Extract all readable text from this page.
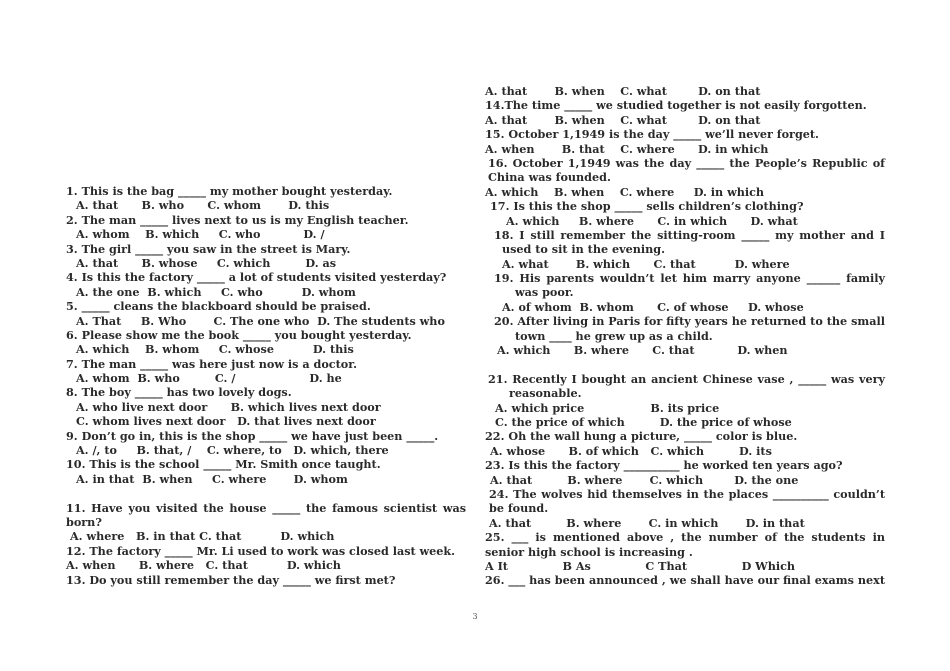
1. This is the bag _____ my mother bought yesterday.
A. that      B. who      C. whom       D. this
2. The man _____ lives next to us is my English teacher.
A. whom    B. which     C. who           D. /
3. The girl _____ you saw in the street is Mary.
A. that      B. whose     C. which         D. as
4. Is this the factory _____ a lot of students visited yesterday?
A. the one  B. which     C. who          D. whom
5. _____ cleans the blackboard should be praised.
A. That     B. Who       C. The one who  D. The students who
6. Please show me the book _____ you bought yesterday.
A. which    B. whom     C. whose          D. this
7. The man _____ was here just now is a doctor.
A. whom  B. who         C. /                   D. he
8. The boy _____ has two lovely dogs.
A. who live next door      B. which lives next door
C. whom lives next door   D. that lives next door
9. Don’t go in, this is the shop _____ we have just been _____.
A. /, to     B. that, /    C. where, to   D. which, there
10. This is the school _____ Mr. Smith once taught.
A. in that  B. when     C. where       D. whom
11. Have you visited the house _____ the famous scientist was
born?
A. where   B. in that C. that          D. which
12. The factory _____ Mr. Li used to work was closed last week.
A. when      B. where   C. that          D. which
13. Do you still remember the day _____ we first met?
A. that       B. when    C. what        D. on that
14.The time _____ we studied together is not easily forgotten.
A. that       B. when    C. what        D. on that
15. October 1,1949 is the day _____ we’ll never forget.
A. when       B. that    C. where      D. in which
16. October 1,1949 was the day _____ the People’s Republic of
China was founded.
A. which    B. when    C. where     D. in which
17. Is this the shop _____ sells children’s clothing?
A. which     B. where      C. in which      D. what
18. I still remember the sitting-room _____ my mother and I
used to sit in the evening.
A. what       B. which      C. that          D. where
19. His parents wouldn’t let him marry anyone ______ family
was poor.
A. of whom  B. whom      C. of whose     D. whose
20. After living in Paris for fifty years he returned to the small
town ____ he grew up as a child.
A. which      B. where      C. that           D. when
21. Recently I bought an ancient Chinese vase , _____ was very
reasonable.
A. which price                 B. its price
C. the price of which         D. the price of whose
22. Oh the wall hung a picture, _____ color is blue.
A. whose      B. of which   C. which         D. its
23. Is this the factory __________ he worked ten years ago?
A. that         B. where       C. which        D. the one
24. The wolves hid themselves in the places __________ couldn’t
be found.
A. that         B. where       C. in which       D. in that
25. ___ is mentioned above , the number of the students in
senior high school is increasing .
A It              B As              C That              D Which
26. ___ has been announced , we shall have our final exams next
3
